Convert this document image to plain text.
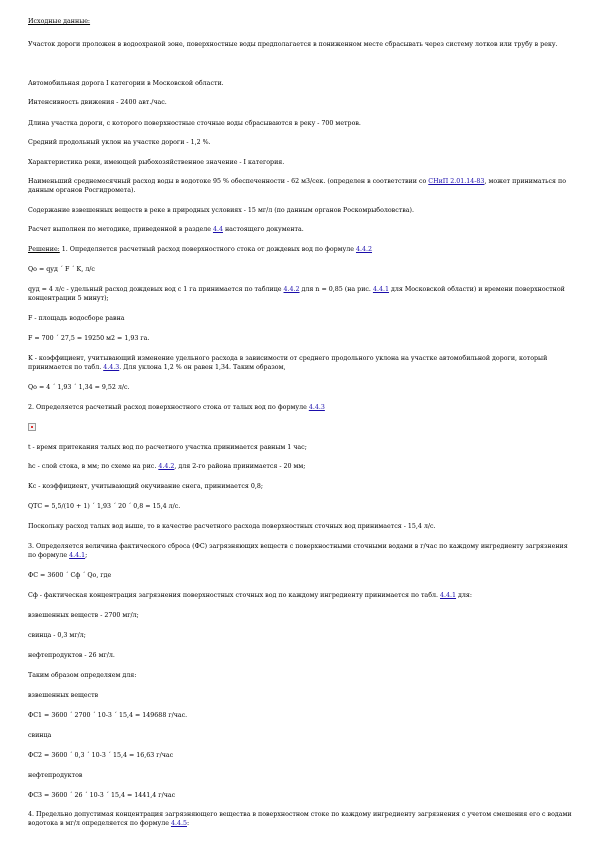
Исходные данные:
Участок дороги проложен в водоохраной зоне, поверхностные воды предполагается в пониженном месте сбрасывать через систему лотков или трубу в реку.
Автомобильная дорога I категории в Московской области.
Интенсивность движения - 2400 авт./час.
Длина участка дороги, с которого поверхностные сточные воды сбрасываются в реку - 700 метров.
Средний продольный уклон на участке дороги - 1,2 %.
Характеристика реки, имеющей рыбохозяйственное значение - I категория.
Наименьший среднемесячный расход воды в водотоке 95 % обеспеченности - 62 м3/сек. (определен в соответствии со СНиП 2.01.14-83, может приниматься по данным органов Росгидромета).
Содержание взвешенных веществ в реке в природных условиях - 15 мг/л (по данным органов Роскомрыболовства).
Расчет выполнен по методике, приведенной в разделе 4.4 настоящего документа.
Решение: 1. Определяется расчетный расход поверхностного стока от дождевых вод по формуле 4.4.2
Qо = qуд ´ F ´ K, л/с
qуд = 4 л/с - удельный расход дождевых вод с 1 га принимается по таблице 4.4.2 для n = 0,85 (на рис. 4.4.1 для Московской области) и времени поверхностной концентрации 5 минут);
F - площадь водосборе равна
F = 700 ´ 27,5 = 19250 м2 = 1,93 га.
K - коэффициент, учитывающий изменение удельного расхода в зависимости от среднего продольного уклона на участке автомобильной дороги, который принимается по табл. 4.4.3. Для уклона 1,2 % он равен 1,34. Таким образом,
Qо = 4 ´ 1,93 ´ 1,34 = 9,52 л/с.
2. Определяется расчетный расход поверхностного стока от талых вод по формуле 4.4.3
t - время притекания талых вод по расчетного участка принимается равным 1 час;
hс - слой стока, в мм; по схеме на рис. 4.4.2, для 2-го района принимается - 20 мм;
Kс - коэффициент, учитывающий окучивание снега, принимается 0,8;
QТС = 5,5/(10 + 1) ´ 1,93 ´ 20 ´ 0,8 = 15,4 л/с.
Поскольку расход талых вод выше, то в качестве расчетного расхода поверхностных сточных вод принимается - 15,4 л/с.
3. Определяется величина фактического сброса (ФС) загрязняющих веществ с поверхностными сточными водами в г/час по каждому ингредиенту загрязнения по формуле 4.4.1;
ФС = 3600 ´ Сф ´ Qо, где
Сф - фактическая концентрация загрязнения поверхностных сточных вод по каждому ингредиенту принимается по табл. 4.4.1 для:
взвешенных веществ - 2700 мг/л;
свинца - 0,3 мг/л;
нефтепродуктов - 26 мг/л.
Таким образом определяем для:
взвешенных веществ
ФС1 = 3600 ´ 2700 ´ 10-3 ´ 15,4 = 149688 г/час.
свинца
ФС2 = 3600 ´ 0,3 ´ 10-3 ´ 15,4 = 16,63 г/час
нефтепродуктов
ФС3 = 3600 ´ 26 ´ 10-3 ´ 15,4 = 1441,4 г/час
4. Предельно допустимая концентрация загрязняющего вещества в поверхностном стоке по каждому ингредиенту загрязнения с учетом смешения его с водами водотока в мг/л определяется по формуле 4.4.5:
